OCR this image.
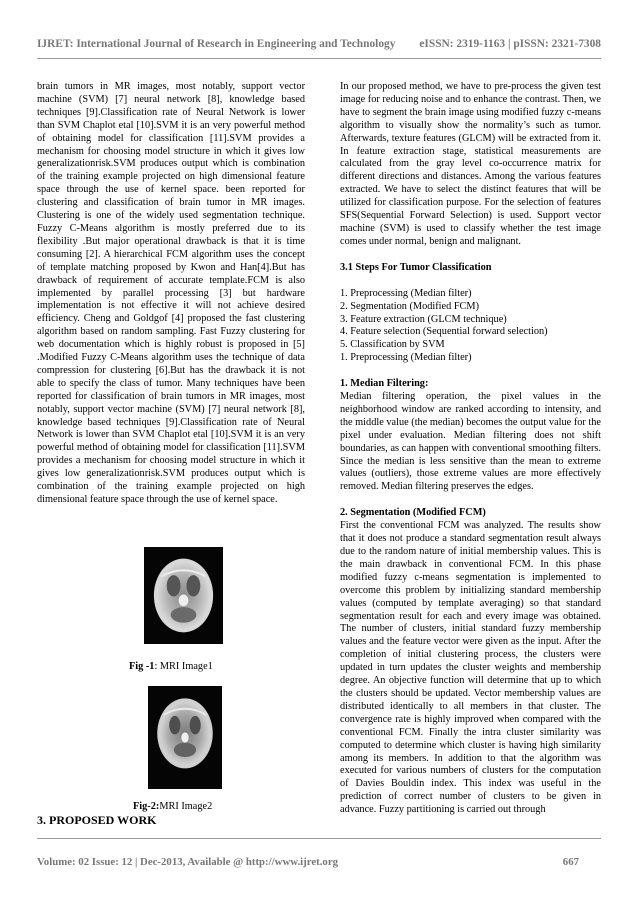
IJRET: International Journal of Research in Engineering and Technology eISSN: 2319-1163 | pISSN: 2321-7308

brain tumors in MR images, most notably, support vector machine (SVM) [7] neural network [8], knowledge based techniques [9].Classification rate of Neural Network is lower than SVM Chaplot etal [10].SVM it is an very powerful method of obtaining model for classification [11].SVM provides a mechanism for choosing model structure in which it gives low generalizationrisk.SVM produces output which is combination of the training example projected on high dimensional feature space through the use of kernel space. been reported for clustering and classification of brain tumor in MR images. Clustering is one of the widely used segmentation technique. Fuzzy C-Means algorithm is mostly preferred due to its flexibility .But major operational drawback is that it is time consuming [2]. A hierarchical FCM algorithm uses the concept of template matching proposed by Kwon and Han[4].But has drawback of requirement of accurate template.FCM is also implemented by parallel processing [3] but hardware implementation is not effective it will not achieve desired efficiency. Cheng and Goldgof [4] proposed the fast clustering algorithm based on random sampling. Fast Fuzzy clustering for web documentation which is highly robust is proposed in [5] .Modified Fuzzy C-Means algorithm uses the technique of data compression for clustering [6].But has the drawback it is not able to specify the class of tumor. Many techniques have been reported for classification of brain tumors in MR images, most notably, support vector machine (SVM) [7] neural network [8], knowledge based techniques [9].Classification rate of Neural Network is lower than SVM Chaplot etal [10].SVM it is an very powerful method of obtaining model for classification [11].SVM provides a mechanism for choosing model structure in which it gives low generalizationrisk.SVM produces output which is combination of the training example projected on high dimensional feature space through the use of kernel space.

Fig -1: MRI Image1
Fig-2:MRI Image2
3. PROPOSED WORK

In our proposed method, we have to pre-process the given test image for reducing noise and to enhance the contrast. Then, we have to segment the brain image using modified fuzzy c-means algorithm to visually show the normality’s such as tumor. Afterwards, texture features (GLCM) will be extracted from it. In feature extraction stage, statistical measurements are calculated from the gray level co-occurrence matrix for different directions and distances. Among the various features extracted. We have to select the distinct features that will be utilized for classification purpose. For the selection of features SFS(Sequential Forward Selection) is used. Support vector machine (SVM) is used to classify whether the test image comes under normal, benign and malignant.

3.1 Steps For Tumor Classification

1. Preprocessing (Median filter)

2. Segmentation (Modified FCM)

3. Feature extraction (GLCM technique)

4. Feature selection (Sequential forward selection)

5. Classification by SVM

1. Preprocessing (Median filter)

1. Median Filtering:

Median filtering operation, the pixel values in the neighborhood window are ranked according to intensity, and the middle value (the median) becomes the output value for the pixel under evaluation. Median filtering does not shift boundaries, as can happen with conventional smoothing filters. Since the median is less sensitive than the mean to extreme values (outliers), those extreme values are more effectively removed. Median filtering preserves the edges.

2. Segmentation (Modified FCM)

First the conventional FCM was analyzed. The results show that it does not produce a standard segmentation result always due to the random nature of initial membership values. This is the main drawback in conventional FCM. In this phase modified fuzzy c-means segmentation is implemented to overcome this problem by initializing standard membership values (computed by template averaging) so that standard segmentation result for each and every image was obtained. The number of clusters, initial standard fuzzy membership values and the feature vector were given as the input. After the completion of initial clustering process, the clusters were updated in turn updates the cluster weights and membership degree. An objective function will determine that up to which the clusters should be updated. Vector membership values are distributed identically to all members in that cluster. The convergence rate is highly improved when compared with the conventional FCM. Finally the intra cluster similarity was computed to determine which cluster is having high similarity among its members. In addition to that the algorithm was executed for various numbers of clusters for the computation of Davies Bouldin index. This index was useful in the prediction of correct number of clusters to be given in advance. Fuzzy partitioning is carried out through

Volume: 02 Issue: 12 | Dec-2013, Available @ http://www.ijret.org	667
